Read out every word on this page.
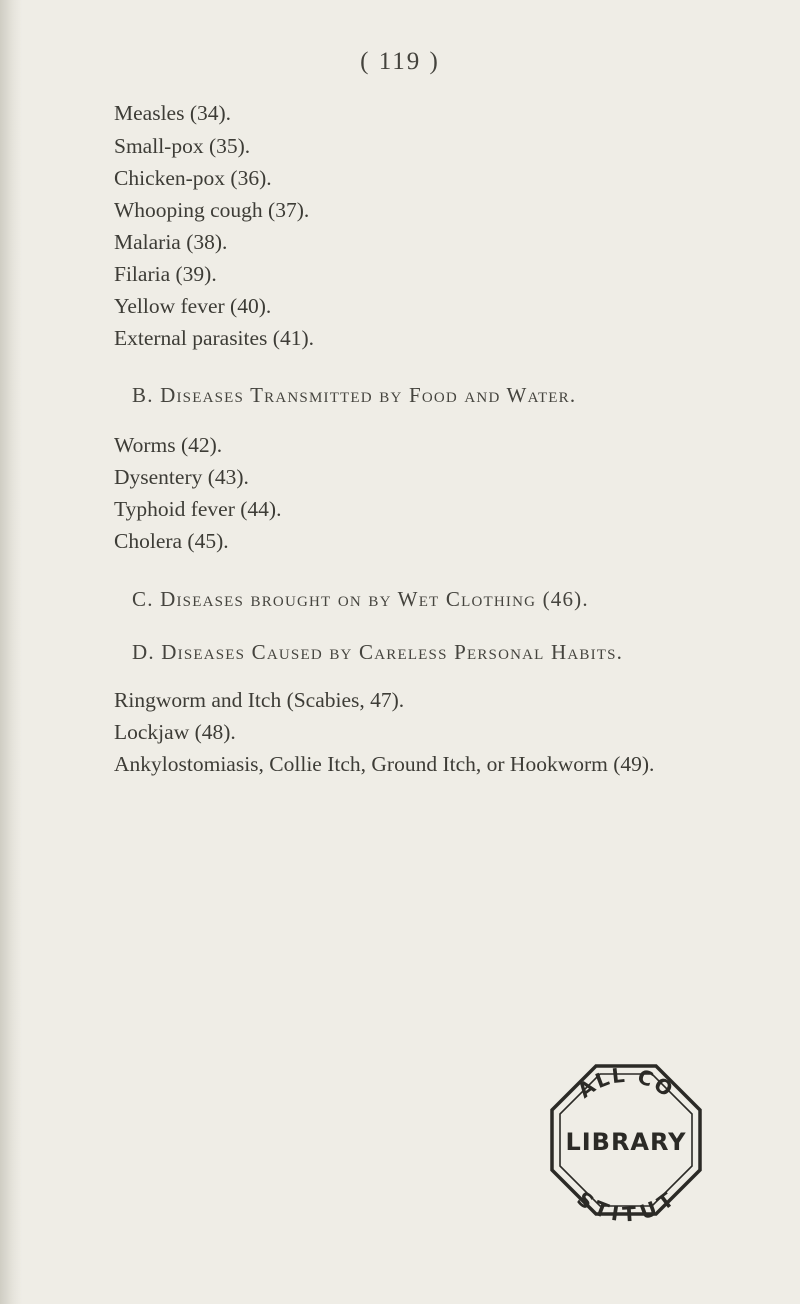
( 119 )

Measles (34).

Small-pox (35).

Chicken-pox (36).

Whooping cough (37).

Malaria (38).

Filaria (39).

Yellow fever (40).

External parasites (41).

B. Diseases Transmitted by Food and Water.

Worms (42).

Dysentery (43).

Typhoid fever (44).

Cholera (45).

C. Diseases brought on by Wet Clothing (46).
D. Diseases Caused by Careless Personal Habits.

Ringworm and Itch (Scabies, 47).

Lockjaw (48).

Ankylostomiasis, Collie Itch, Ground Itch, or Hookworm (49).

ALL CO
LIBRARY
STITUT
